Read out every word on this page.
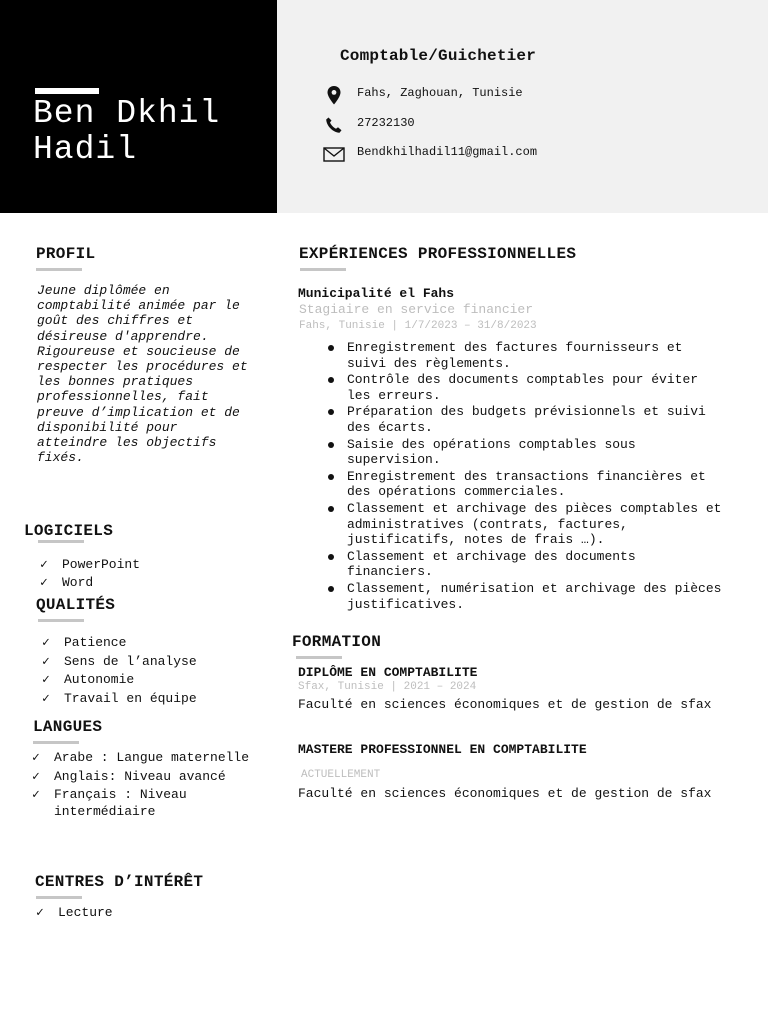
Ben Dkhil
Hadil
Comptable/Guichetier
Fahs, Zaghouan, Tunisie
27232130
Bendkhilhadil11@gmail.com
PROFIL
Jeune diplômée en comptabilité animée par le goût des chiffres et désireuse d'apprendre. Rigoureuse et soucieuse de respecter les procédures et les bonnes pratiques professionnelles, fait preuve d’implication et de disponibilité pour atteindre les objectifs fixés.
LOGICIELS
✓	PowerPoint
✓	Word
QUALITÉS
✓	Patience
✓	Sens de l’analyse
✓	Autonomie
✓	Travail en équipe
LANGUES
✓	Arabe : Langue maternelle
✓	Anglais: Niveau avancé
✓	Français : Niveau intermédiaire
CENTRES D’INTÉRÊT
✓	Lecture
EXPÉRIENCES PROFESSIONNELLES
Municipalité el Fahs
Stagiaire en service financier
Fahs, Tunisie | 1/7/2023 – 31/8/2023
Enregistrement des factures fournisseurs et suivi des règlements.
Contrôle des documents comptables pour éviter les erreurs.
Préparation des budgets prévisionnels et suivi des écarts.
Saisie des opérations comptables sous supervision.
Enregistrement des transactions financières et des opérations commerciales.
Classement et archivage des pièces comptables et administratives (contrats, factures, justificatifs, notes de frais …).
Classement et archivage des documents financiers.
Classement, numérisation et archivage des pièces justificatives.
FORMATION
DIPLÔME EN COMPTABILITE
Sfax, Tunisie | 2021 – 2024
Faculté en sciences économiques et de gestion de sfax
MASTERE PROFESSIONNEL EN COMPTABILITE
ACTUELLEMENT
Faculté en sciences économiques et de gestion de sfax
